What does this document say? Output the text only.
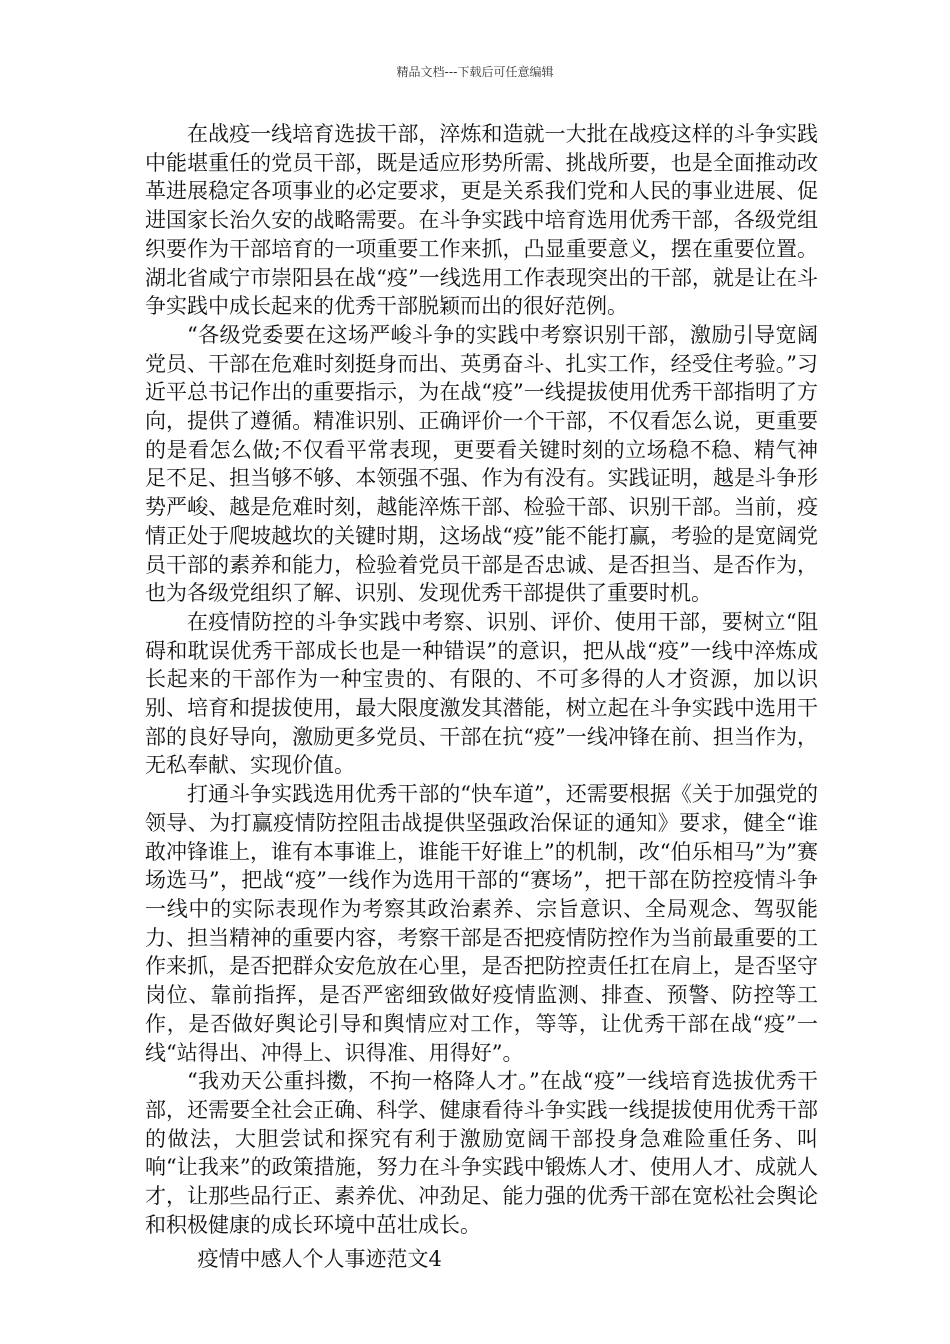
精品文档---下载后可任意编辑

在战疫一线培育选拔干部，淬炼和造就一大批在战疫这样的斗争实践中能堪重任的党员干部，既是适应形势所需、挑战所要，也是全面推动改革进展稳定各项事业的必定要求，更是关系我们党和人民的事业进展、促进国家长治久安的战略需要。在斗争实践中培育选用优秀干部，各级党组织要作为干部培育的一项重要工作来抓，凸显重要意义，摆在重要位置。湖北省咸宁市崇阳县在战“疫”一线选用工作表现突出的干部，就是让在斗争实践中成长起来的优秀干部脱颖而出的很好范例。

“各级党委要在这场严峻斗争的实践中考察识别干部，激励引导宽阔党员、干部在危难时刻挺身而出、英勇奋斗、扎实工作，经受住考验。”习近平总书记作出的重要指示，为在战“疫”一线提拔使用优秀干部指明了方向，提供了遵循。精准识别、正确评价一个干部，不仅看怎么说，更重要的是看怎么做;不仅看平常表现，更要看关键时刻的立场稳不稳、精气神足不足、担当够不够、本领强不强、作为有没有。实践证明，越是斗争形势严峻、越是危难时刻，越能淬炼干部、检验干部、识别干部。当前，疫情正处于爬坡越坎的关键时期，这场战“疫”能不能打赢，考验的是宽阔党员干部的素养和能力，检验着党员干部是否忠诚、是否担当、是否作为，也为各级党组织了解、识别、发现优秀干部提供了重要时机。

在疫情防控的斗争实践中考察、识别、评价、使用干部，要树立“阻碍和耽误优秀干部成长也是一种错误”的意识，把从战“疫”一线中淬炼成长起来的干部作为一种宝贵的、有限的、不可多得的人才资源，加以识别、培育和提拔使用，最大限度激发其潜能，树立起在斗争实践中选用干部的良好导向，激励更多党员、干部在抗“疫”一线冲锋在前、担当作为，无私奉献、实现价值。

打通斗争实践选用优秀干部的“快车道”，还需要根据《关于加强党的领导、为打赢疫情防控阻击战提供坚强政治保证的通知》要求，健全“谁敢冲锋谁上，谁有本事谁上，谁能干好谁上”的机制，改“伯乐相马”为”赛场选马”，把战“疫”一线作为选用干部的“赛场”，把干部在防控疫情斗争一线中的实际表现作为考察其政治素养、宗旨意识、全局观念、驾驭能力、担当精神的重要内容，考察干部是否把疫情防控作为当前最重要的工作来抓，是否把群众安危放在心里，是否把防控责任扛在肩上，是否坚守岗位、靠前指挥，是否严密细致做好疫情监测、排查、预警、防控等工作，是否做好舆论引导和舆情应对工作，等等，让优秀干部在战“疫”一线“站得出、冲得上、识得准、用得好”。

“我劝天公重抖擞，不拘一格降人才。”在战“疫”一线培育选拔优秀干部，还需要全社会正确、科学、健康看待斗争实践一线提拔使用优秀干部的做法，大胆尝试和探究有利于激励宽阔干部投身急难险重任务、叫响“让我来”的政策措施，努力在斗争实践中锻炼人才、使用人才、成就人才，让那些品行正、素养优、冲劲足、能力强的优秀干部在宽松社会舆论和积极健康的成长环境中茁壮成长。

疫情中感人个人事迹范文4
